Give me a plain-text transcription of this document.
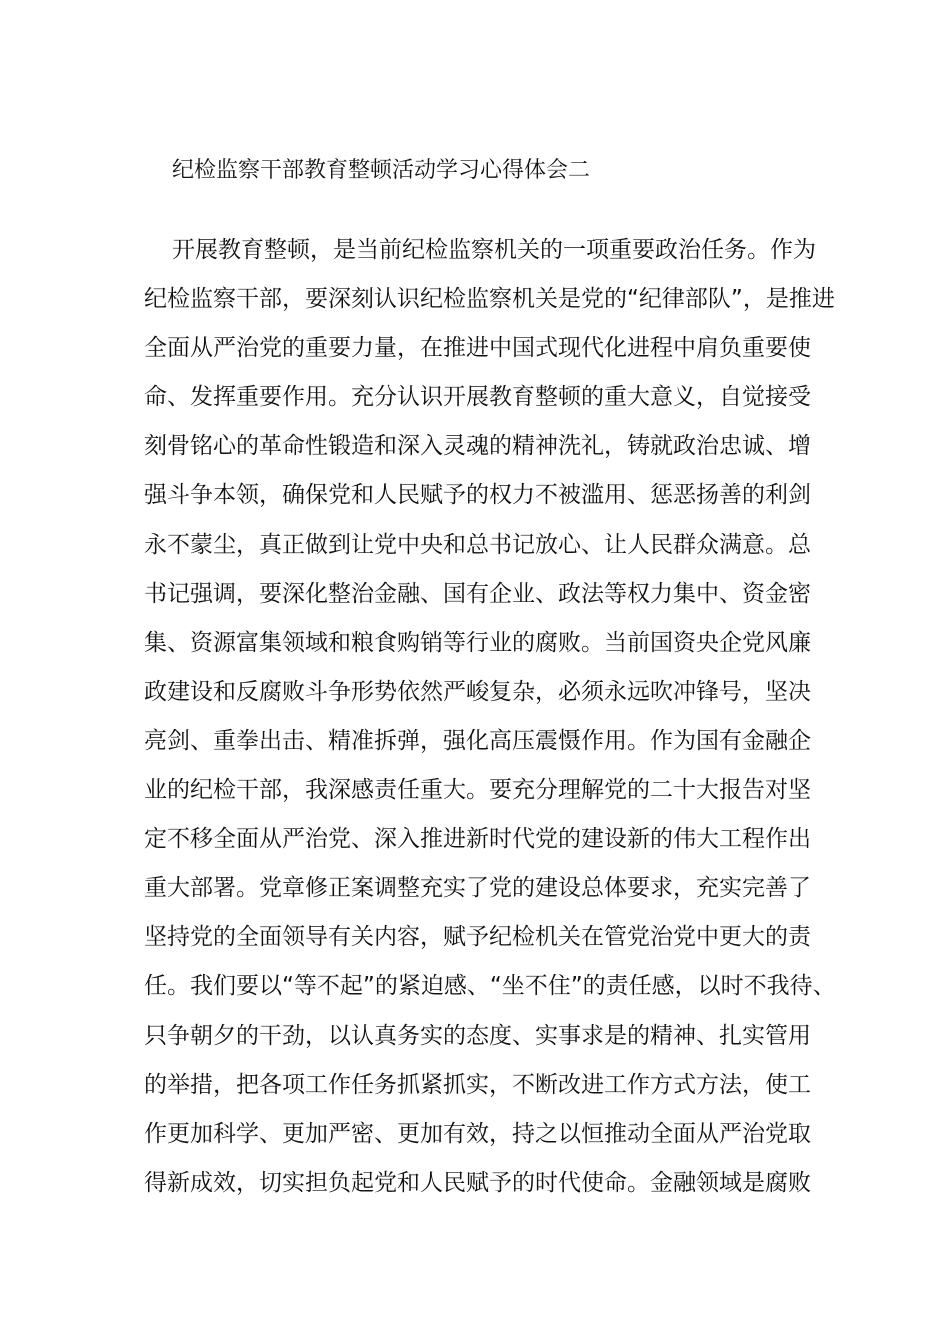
纪检监察干部教育整顿活动学习心得体会二
开展教育整顿，是当前纪检监察机关的一项重要政治任务。作为
纪检监察干部，要深刻认识纪检监察机关是党的“纪律部队”，是推进
全面从严治党的重要力量，在推进中国式现代化进程中肩负重要使
命、发挥重要作用。充分认识开展教育整顿的重大意义，自觉接受
刻骨铭心的革命性锻造和深入灵魂的精神洗礼，铸就政治忠诚、增
强斗争本领，确保党和人民赋予的权力不被滥用、惩恶扬善的利剑
永不蒙尘，真正做到让党中央和总书记放心、让人民群众满意。总
书记强调，要深化整治金融、国有企业、政法等权力集中、资金密
集、资源富集领域和粮食购销等行业的腐败。当前国资央企党风廉
政建设和反腐败斗争形势依然严峻复杂，必须永远吹冲锋号，坚决
亮剑、重拳出击、精准拆弹，强化高压震慑作用。作为国有金融企
业的纪检干部，我深感责任重大。要充分理解党的二十大报告对坚
定不移全面从严治党、深入推进新时代党的建设新的伟大工程作出
重大部署。党章修正案调整充实了党的建设总体要求，充实完善了
坚持党的全面领导有关内容，赋予纪检机关在管党治党中更大的责
任。我们要以“等不起”的紧迫感、“坐不住”的责任感，以时不我待、
只争朝夕的干劲，以认真务实的态度、实事求是的精神、扎实管用
的举措，把各项工作任务抓紧抓实，不断改进工作方式方法，使工
作更加科学、更加严密、更加有效，持之以恒推动全面从严治党取
得新成效，切实担负起党和人民赋予的时代使命。金融领域是腐败
